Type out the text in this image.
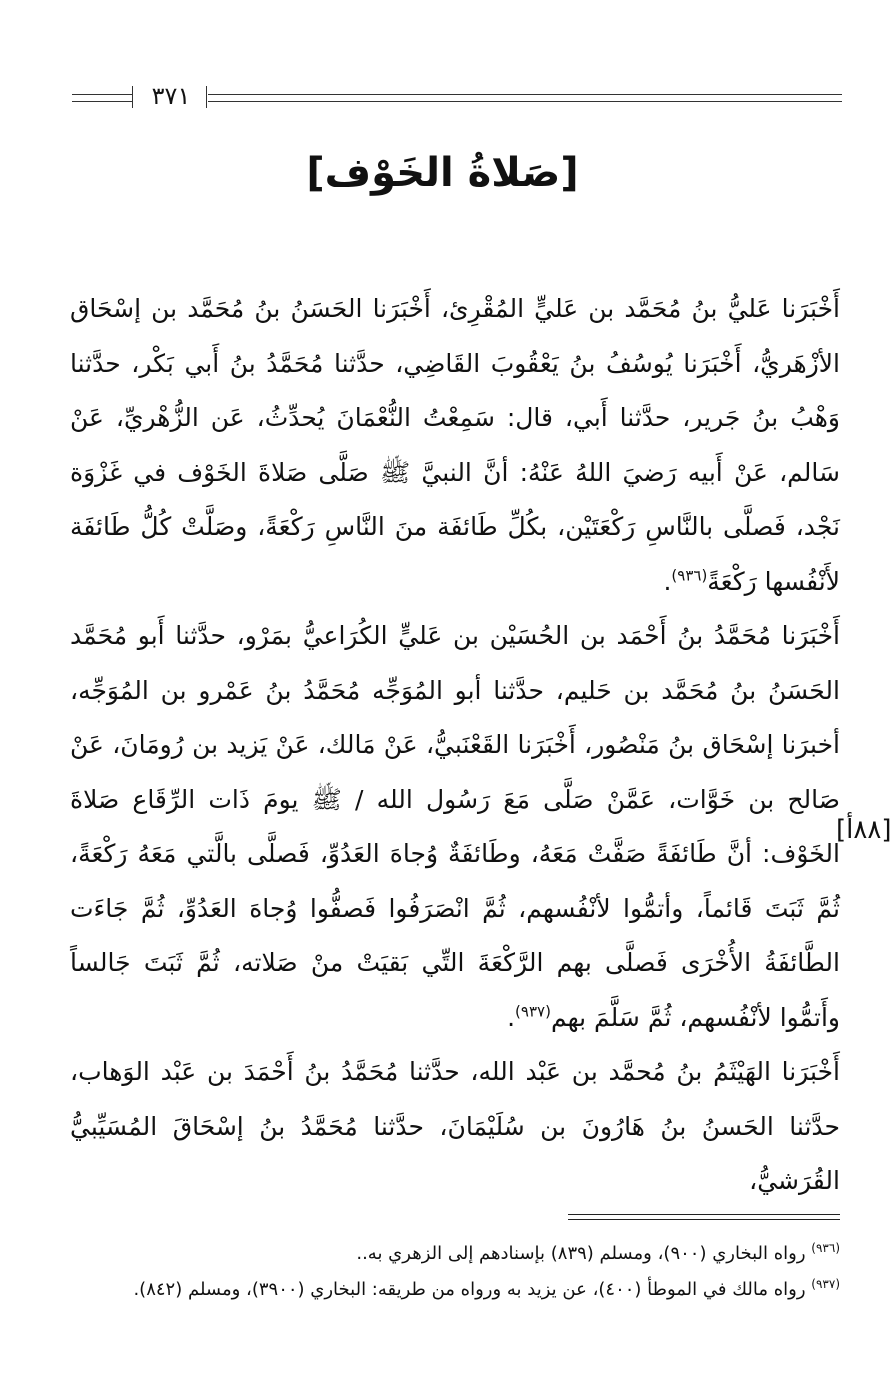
٣٧١
[صَلاةُ الخَوْف]

أَخْبَرَنا عَليُّ بنُ مُحَمَّد بن عَليٍّ المُقْرِئ، أَخْبَرَنا الحَسَنُ بنُ مُحَمَّد بن إسْحَاق الأزْهَريُّ، أَخْبَرَنا يُوسُفُ بنُ يَعْقُوبَ القَاضِي، حدَّثنا مُحَمَّدُ بنُ أَبي بَكْر، حدَّثنا وَهْبُ بنُ جَرير، حدَّثنا أَبي، قال: سَمِعْتُ النُّعْمَانَ يُحدِّثُ، عَن الزُّهْريِّ، عَنْ سَالم، عَنْ أَبيه رَضيَ اللهُ عَنْهُ: أنَّ النبيَّ ﷺ صَلَّى صَلاةَ الخَوْف في غَزْوَة نَجْد، فَصلَّى بالنَّاسِ رَكْعَتَيْن، بكُلِّ طَائفَة منَ النَّاسِ رَكْعَةً، وصَلَّتْ كُلُّ طَائفَة لأَنْفُسها رَكْعَةً$^{(٩٣٦)}$.

أَخْبَرَنا مُحَمَّدُ بنُ أَحْمَد بن الحُسَيْن بن عَليٍّ الكُرَاعيُّ بمَرْو، حدَّثنا أَبو مُحَمَّد الحَسَنُ بنُ مُحَمَّد بن حَليم، حدَّثنا أبو المُوَجِّه مُحَمَّدُ بنُ عَمْرو بن المُوَجِّه، أخبرَنا إسْحَاق بنُ مَنْصُور، أَخْبَرَنا القَعْنَبيُّ، عَنْ مَالك، عَنْ يَزيد بن رُومَانَ، عَنْ صَالح بن خَوَّات، عَمَّنْ صَلَّى مَعَ رَسُول الله / ﷺ يومَ ذَات الرِّقَاع صَلاةَ الخَوْف: أنَّ طَائفَةً صَفَّتْ مَعَهُ، وطَائفَةٌ وُجاهَ العَدُوِّ، فَصلَّى بالَّتي مَعَهُ رَكْعَةً، ثُمَّ ثَبَتَ قَائماً، وأتمُّوا لأنْفُسهم، ثُمَّ انْصَرَفُوا فَصفُّوا وُجاهَ العَدُوِّ، ثُمَّ جَاءَت الطَّائفَةُ الأُخْرَى فَصلَّى بهم الرَّكْعَةَ التِّي بَقيَتْ منْ صَلاته، ثُمَّ ثَبَتَ جَالساً وأَتمُّوا لأنْفُسهم، ثُمَّ سَلَّمَ بهم$^{(٩٣٧)}$.

أَخْبَرَنا الهَيْثَمُ بنُ مُحمَّد بن عَبْد الله، حدَّثنا مُحَمَّدُ بنُ أَحْمَدَ بن عَبْد الوَهاب، حدَّثنا الحَسنُ بنُ هَارُونَ بن سُلَيْمَانَ، حدَّثنا مُحَمَّدُ بنُ إسْحَاقَ المُسَيِّبيُّ القُرَشيُّ،

[٨٨أ]
$^{(٩٣٦)}$ رواه البخاري (٩٠٠)، ومسلم (٨٣٩) بإسنادهم إلى الزهري به..
$^{(٩٣٧)}$ رواه مالك في الموطأ (٤٠٠)، عن يزيد به ورواه من طريقه: البخاري (٣٩٠٠)، ومسلم (٨٤٢).
